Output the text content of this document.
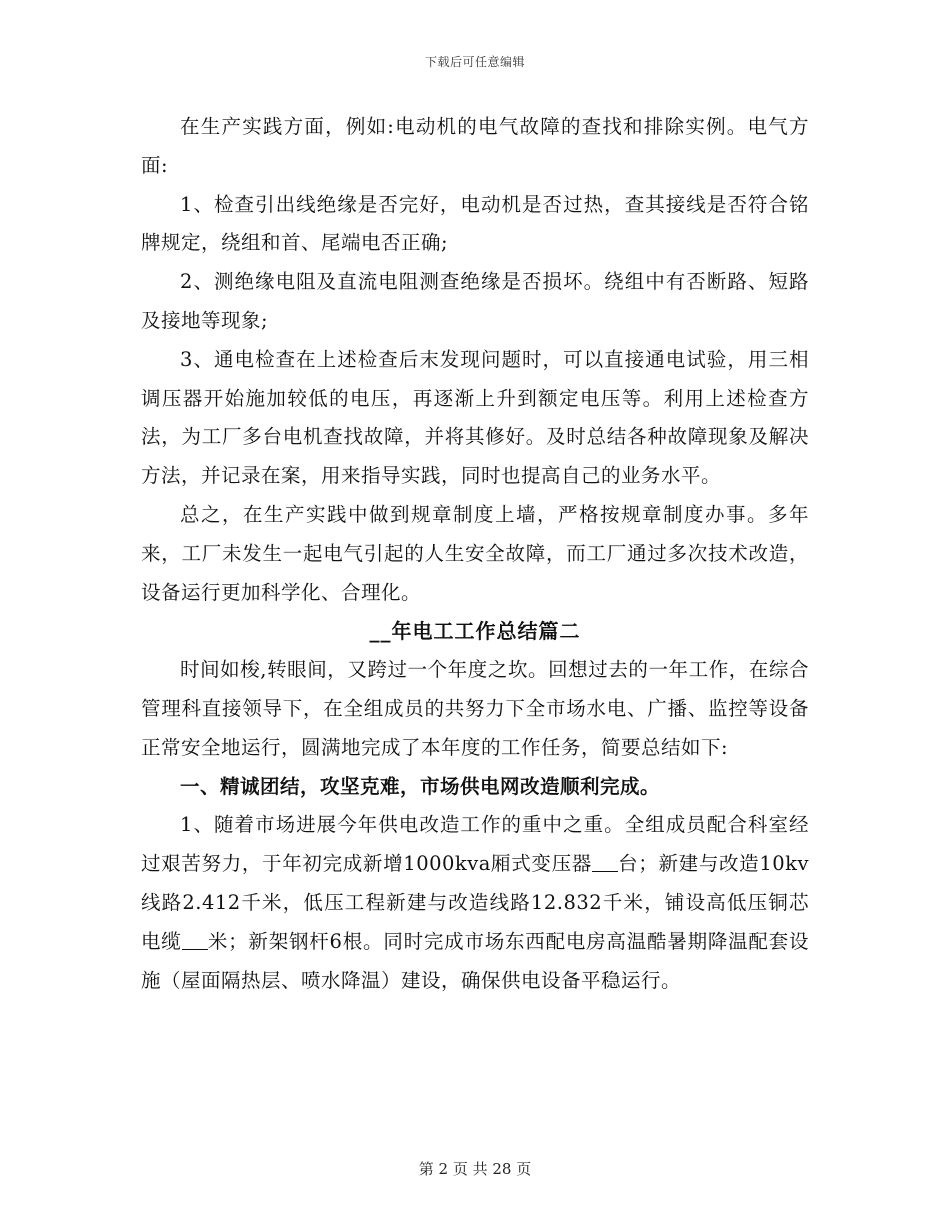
下载后可任意编辑

在生产实践方面，例如:电动机的电气故障的查找和排除实例。电气方面:

1、检查引出线绝缘是否完好，电动机是否过热，查其接线是否符合铭牌规定，绕组和首、尾端电否正确;

2、测绝缘电阻及直流电阻测查绝缘是否损坏。绕组中有否断路、短路及接地等现象;

3、通电检查在上述检查后末发现问题时，可以直接通电试验，用三相调压器开始施加较低的电压，再逐渐上升到额定电压等。利用上述检查方法，为工厂多台电机查找故障，并将其修好。及时总结各种故障现象及解决方法，并记录在案，用来指导实践，同时也提高自己的业务水平。

总之，在生产实践中做到规章制度上墙，严格按规章制度办事。多年来，工厂未发生一起电气引起的人生安全故障，而工厂通过多次技术改造，设备运行更加科学化、合理化。

__年电工工作总结篇二

时间如梭,转眼间，又跨过一个年度之坎。回想过去的一年工作，在综合管理科直接领导下，在全组成员的共努力下全市场水电、广播、监控等设备正常安全地运行，圆满地完成了本年度的工作任务，简要总结如下:

一、精诚团结，攻坚克难，市场供电网改造顺利完成。

1、随着市场进展今年供电改造工作的重中之重。全组成员配合科室经过艰苦努力，于年初完成新增1000kva厢式变压器 台；新建与改造10kv线路2.412千米，低压工程新建与改造线路12.832千米，铺设高低压铜芯电缆 米；新架钢杆6根。同时完成市场东西配电房高温酷暑期降温配套设施（屋面隔热层、喷水降温）建设，确保供电设备平稳运行。

第 2 页 共 28 页
